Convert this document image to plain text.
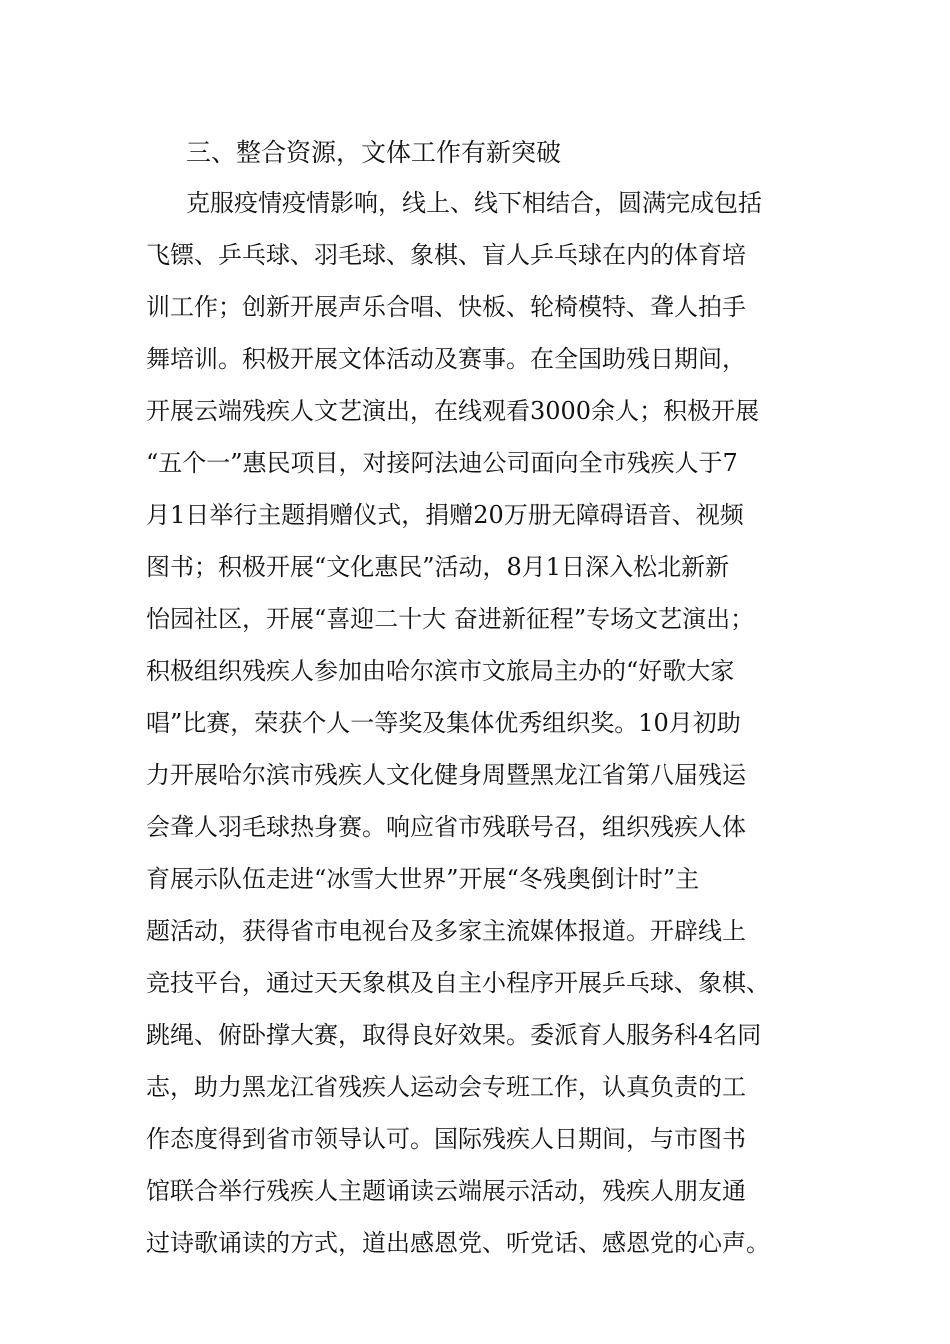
三、整合资源，文体工作有新突破
克服疫情疫情影响，线上、线下相结合，圆满完成包括
飞镖、乒乓球、羽毛球、象棋、盲人乒乓球在内的体育培
训工作；创新开展声乐合唱、快板、轮椅模特、聋人拍手
舞培训。积极开展文体活动及赛事。在全国助残日期间，
开展云端残疾人文艺演出，在线观看3000余人；积极开展
“五个一”惠民项目，对接阿法迪公司面向全市残疾人于7
月1日举行主题捐赠仪式，捐赠20万册无障碍语音、视频
图书；积极开展“文化惠民”活动，8月1日深入松北新新
怡园社区，开展“喜迎二十大 奋进新征程”专场文艺演出；
积极组织残疾人参加由哈尔滨市文旅局主办的“好歌大家
唱”比赛，荣获个人一等奖及集体优秀组织奖。10月初助
力开展哈尔滨市残疾人文化健身周暨黑龙江省第八届残运
会聋人羽毛球热身赛。响应省市残联号召，组织残疾人体
育展示队伍走进“冰雪大世界”开展“冬残奥倒计时”主
题活动，获得省市电视台及多家主流媒体报道。开辟线上
竞技平台，通过天天象棋及自主小程序开展乒乓球、象棋、
跳绳、俯卧撑大赛，取得良好效果。委派育人服务科4名同
志，助力黑龙江省残疾人运动会专班工作，认真负责的工
作态度得到省市领导认可。国际残疾人日期间，与市图书
馆联合举行残疾人主题诵读云端展示活动，残疾人朋友通
过诗歌诵读的方式，道出感恩党、听党话、感恩党的心声。
